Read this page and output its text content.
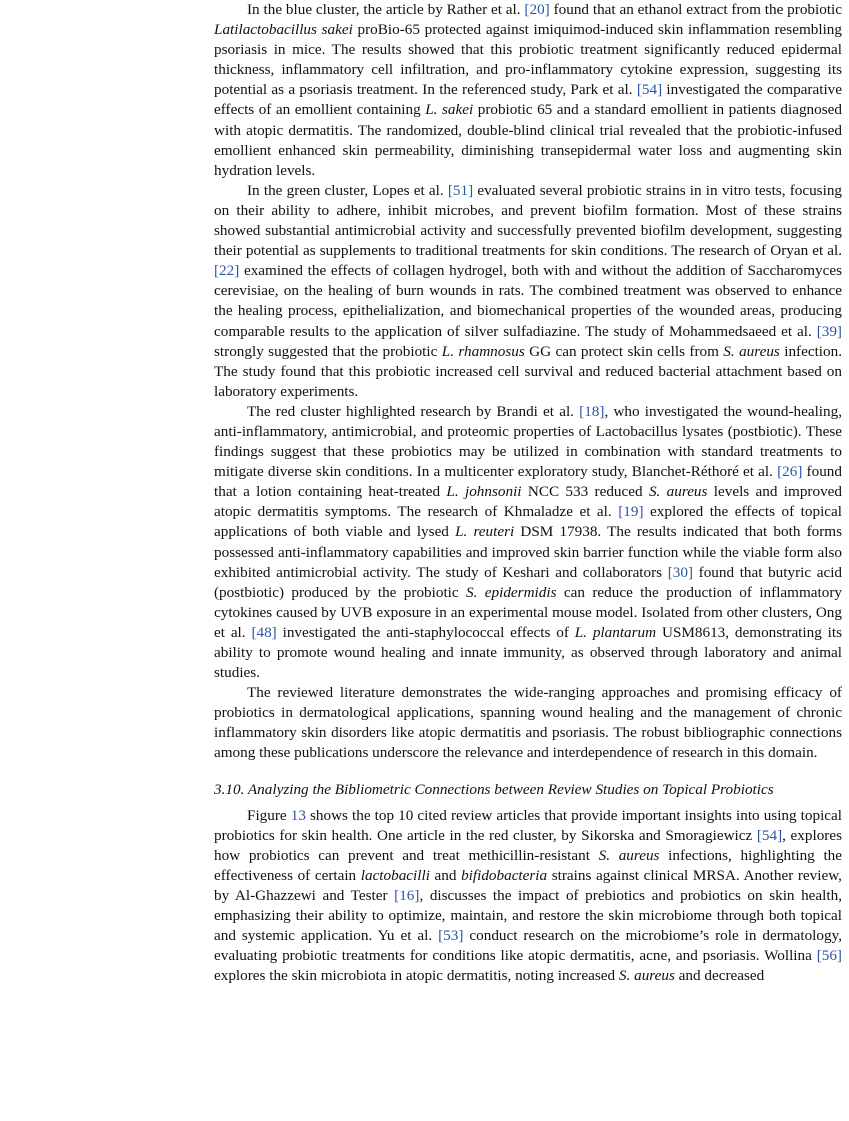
In the blue cluster, the article by Rather et al. [20] found that an ethanol extract from the probiotic Latilactobacillus sakei proBio-65 protected against imiquimod-induced skin inflammation resembling psoriasis in mice. The results showed that this probiotic treatment significantly reduced epidermal thickness, inflammatory cell infiltration, and pro-inflammatory cytokine expression, suggesting its potential as a psoriasis treatment. In the referenced study, Park et al. [54] investigated the comparative effects of an emollient containing L. sakei probiotic 65 and a standard emollient in patients diagnosed with atopic dermatitis. The randomized, double-blind clinical trial revealed that the probiotic-infused emollient enhanced skin permeability, diminishing transepidermal water loss and augmenting skin hydration levels.

In the green cluster, Lopes et al. [51] evaluated several probiotic strains in in vitro tests, focusing on their ability to adhere, inhibit microbes, and prevent biofilm formation. Most of these strains showed substantial antimicrobial activity and successfully prevented biofilm development, suggesting their potential as supplements to traditional treatments for skin conditions. The research of Oryan et al. [22] examined the effects of collagen hydrogel, both with and without the addition of Saccharomyces cerevisiae, on the healing of burn wounds in rats. The combined treatment was observed to enhance the healing process, epithelialization, and biomechanical properties of the wounded areas, producing comparable results to the application of silver sulfadiazine. The study of Mohammedsaeed et al. [39] strongly suggested that the probiotic L. rhamnosus GG can protect skin cells from S. aureus infection. The study found that this probiotic increased cell survival and reduced bacterial attachment based on laboratory experiments.

The red cluster highlighted research by Brandi et al. [18], who investigated the wound-healing, anti-inflammatory, antimicrobial, and proteomic properties of Lactobacillus lysates (postbiotic). These findings suggest that these probiotics may be utilized in combination with standard treatments to mitigate diverse skin conditions. In a multicenter exploratory study, Blanchet-Réthoré et al. [26] found that a lotion containing heat-treated L. johnsonii NCC 533 reduced S. aureus levels and improved atopic dermatitis symptoms. The research of Khmaladze et al. [19] explored the effects of topical applications of both viable and lysed L. reuteri DSM 17938. The results indicated that both forms possessed anti-inflammatory capabilities and improved skin barrier function while the viable form also exhibited antimicrobial activity. The study of Keshari and collaborators [30] found that butyric acid (postbiotic) produced by the probiotic S. epidermidis can reduce the production of inflammatory cytokines caused by UVB exposure in an experimental mouse model. Isolated from other clusters, Ong et al. [48] investigated the anti-staphylococcal effects of L. plantarum USM8613, demonstrating its ability to promote wound healing and innate immunity, as observed through laboratory and animal studies.

The reviewed literature demonstrates the wide-ranging approaches and promising efficacy of probiotics in dermatological applications, spanning wound healing and the management of chronic inflammatory skin disorders like atopic dermatitis and psoriasis. The robust bibliographic connections among these publications underscore the relevance and interdependence of research in this domain.

3.10. Analyzing the Bibliometric Connections between Review Studies on Topical Probiotics

Figure 13 shows the top 10 cited review articles that provide important insights into using topical probiotics for skin health. One article in the red cluster, by Sikorska and Smoragiewicz [54], explores how probiotics can prevent and treat methicillin-resistant S. aureus infections, highlighting the effectiveness of certain lactobacilli and bifidobacteria strains against clinical MRSA. Another review, by Al-Ghazzewi and Tester [16], discusses the impact of prebiotics and probiotics on skin health, emphasizing their ability to optimize, maintain, and restore the skin microbiome through both topical and systemic application. Yu et al. [53] conduct research on the microbiome’s role in dermatology, evaluating probiotic treatments for conditions like atopic dermatitis, acne, and psoriasis. Wollina [56] explores the skin microbiota in atopic dermatitis, noting increased S. aureus and decreased
